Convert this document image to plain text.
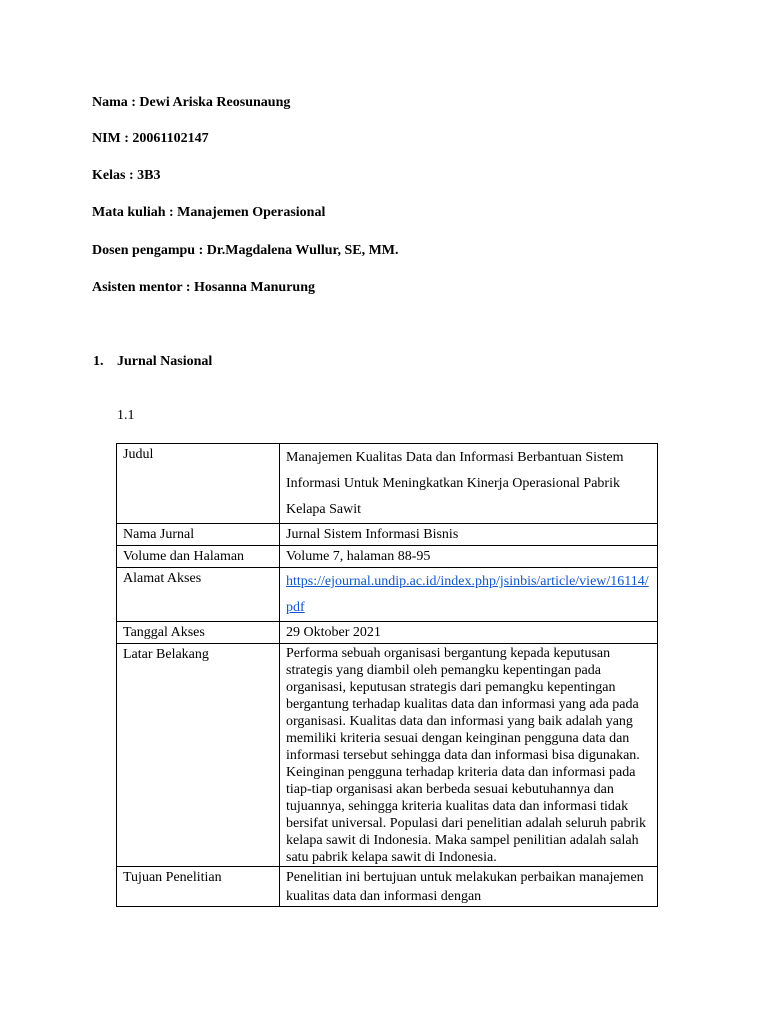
Nama : Dewi Ariska Reosunaung
NIM : 20061102147
Kelas : 3B3
Mata kuliah : Manajemen Operasional
Dosen pengampu : Dr.Magdalena Wullur, SE, MM.
Asisten mentor : Hosanna Manurung
1. Jurnal Nasional
1.1
Judul	Manajemen Kualitas Data dan Informasi Berbantuan Sistem Informasi Untuk Meningkatkan Kinerja Operasional Pabrik Kelapa Sawit
Nama Jurnal	Jurnal Sistem Informasi Bisnis
Volume dan Halaman	Volume 7, halaman 88-95
Alamat Akses	https://ejournal.undip.ac.id/index.php/jsinbis/article/view/16114/pdf
Tanggal Akses	29 Oktober 2021
Latar Belakang	Performa sebuah organisasi bergantung kepada keputusan strategis yang diambil oleh pemangku kepentingan pada organisasi, keputusan strategis dari pemangku kepentingan bergantung terhadap kualitas data dan informasi yang ada pada organisasi. Kualitas data dan informasi yang baik adalah yang memiliki kriteria sesuai dengan keinginan pengguna data dan informasi tersebut sehingga data dan informasi bisa digunakan. Keinginan pengguna terhadap kriteria data dan informasi pada tiap-tiap organisasi akan berbeda sesuai kebutuhannya dan tujuannya, sehingga kriteria kualitas data dan informasi tidak bersifat universal. Populasi dari penelitian adalah seluruh pabrik kelapa sawit di Indonesia. Maka sampel penilitian adalah salah satu pabrik kelapa sawit di Indonesia.
Tujuan Penelitian	Penelitian ini bertujuan untuk melakukan perbaikan manajemen kualitas data dan informasi dengan
